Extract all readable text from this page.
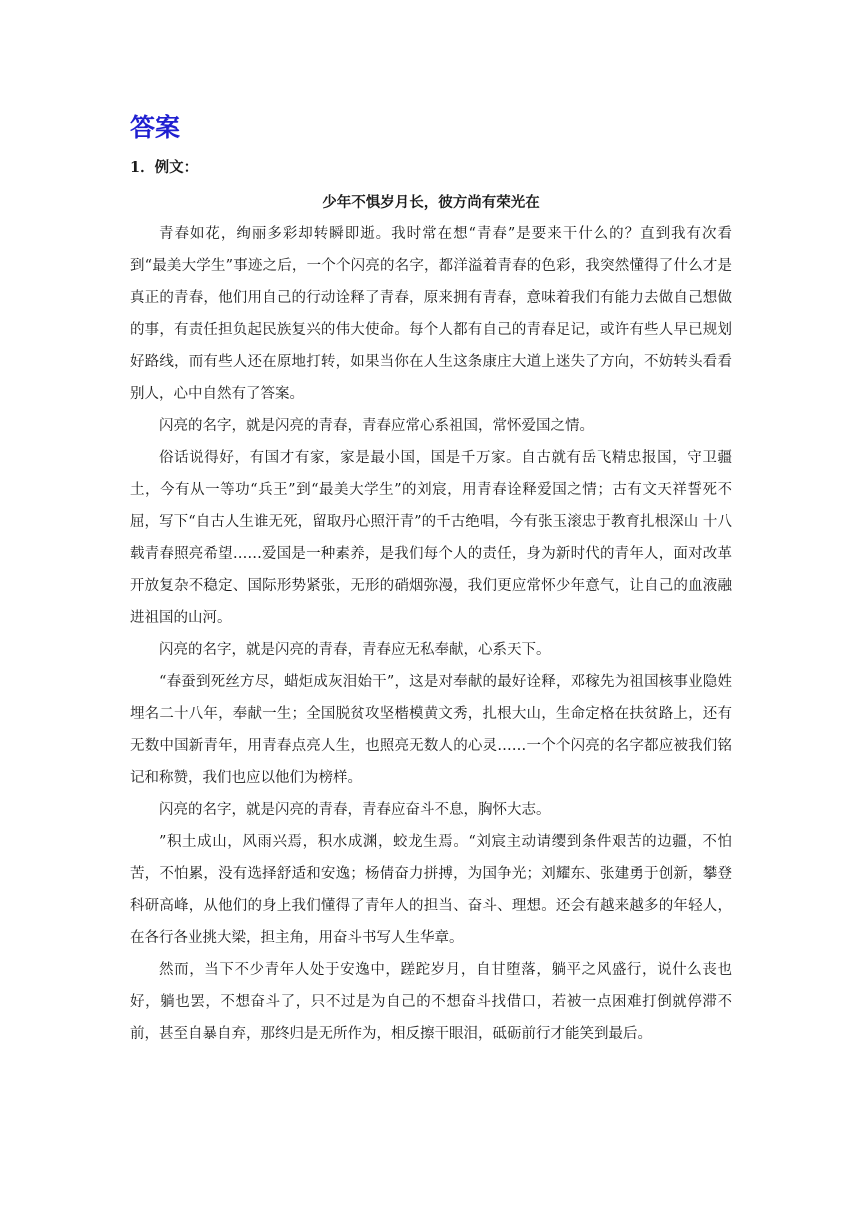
答案
1．例文：
少年不惧岁月长，彼方尚有荣光在

青春如花，绚丽多彩却转瞬即逝。我时常在想“青春”是要来干什么的？直到我有次看到“最美大学生”事迹之后，一个个闪亮的名字，都洋溢着青春的色彩，我突然懂得了什么才是真正的青春，他们用自己的行动诠释了青春，原来拥有青春，意味着我们有能力去做自己想做的事，有责任担负起民族复兴的伟大使命。每个人都有自己的青春足记，或许有些人早已规划好路线，而有些人还在原地打转，如果当你在人生这条康庄大道上迷失了方向，不妨转头看看别人，心中自然有了答案。

闪亮的名字，就是闪亮的青春，青春应常心系祖国，常怀爱国之情。

俗话说得好，有国才有家，家是最小国，国是千万家。自古就有岳飞精忠报国，守卫疆土，今有从一等功“兵王”到“最美大学生”的刘宸，用青春诠释爱国之情；古有文天祥誓死不屈，写下“自古人生谁无死，留取丹心照汗青”的千古绝唱，今有张玉滚忠于教育扎根深山 十八载青春照亮希望……爱国是一种素养，是我们每个人的责任，身为新时代的青年人，面对改革开放复杂不稳定、国际形势紧张，无形的硝烟弥漫，我们更应常怀少年意气，让自己的血液融进祖国的山河。

闪亮的名字，就是闪亮的青春，青春应无私奉献，心系天下。

“春蚕到死丝方尽，蜡炬成灰泪始干”，这是对奉献的最好诠释，邓稼先为祖国核事业隐姓埋名二十八年，奉献一生；全国脱贫攻坚楷模黄文秀，扎根大山，生命定格在扶贫路上，还有无数中国新青年，用青春点亮人生，也照亮无数人的心灵……一个个闪亮的名字都应被我们铭记和称赞，我们也应以他们为榜样。

闪亮的名字，就是闪亮的青春，青春应奋斗不息，胸怀大志。

”积土成山，风雨兴焉，积水成渊，蛟龙生焉。“刘宸主动请缨到条件艰苦的边疆，不怕苦，不怕累，没有选择舒适和安逸；杨倩奋力拼搏，为国争光；刘耀东、张建勇于创新，攀登科研高峰，从他们的身上我们懂得了青年人的担当、奋斗、理想。还会有越来越多的年轻人，在各行各业挑大梁，担主角，用奋斗书写人生华章。

然而，当下不少青年人处于安逸中，蹉跎岁月，自甘堕落，躺平之风盛行，说什么丧也好，躺也罢，不想奋斗了，只不过是为自己的不想奋斗找借口，若被一点困难打倒就停滞不前，甚至自暴自弃，那终归是无所作为，相反擦干眼泪，砥砺前行才能笑到最后。
